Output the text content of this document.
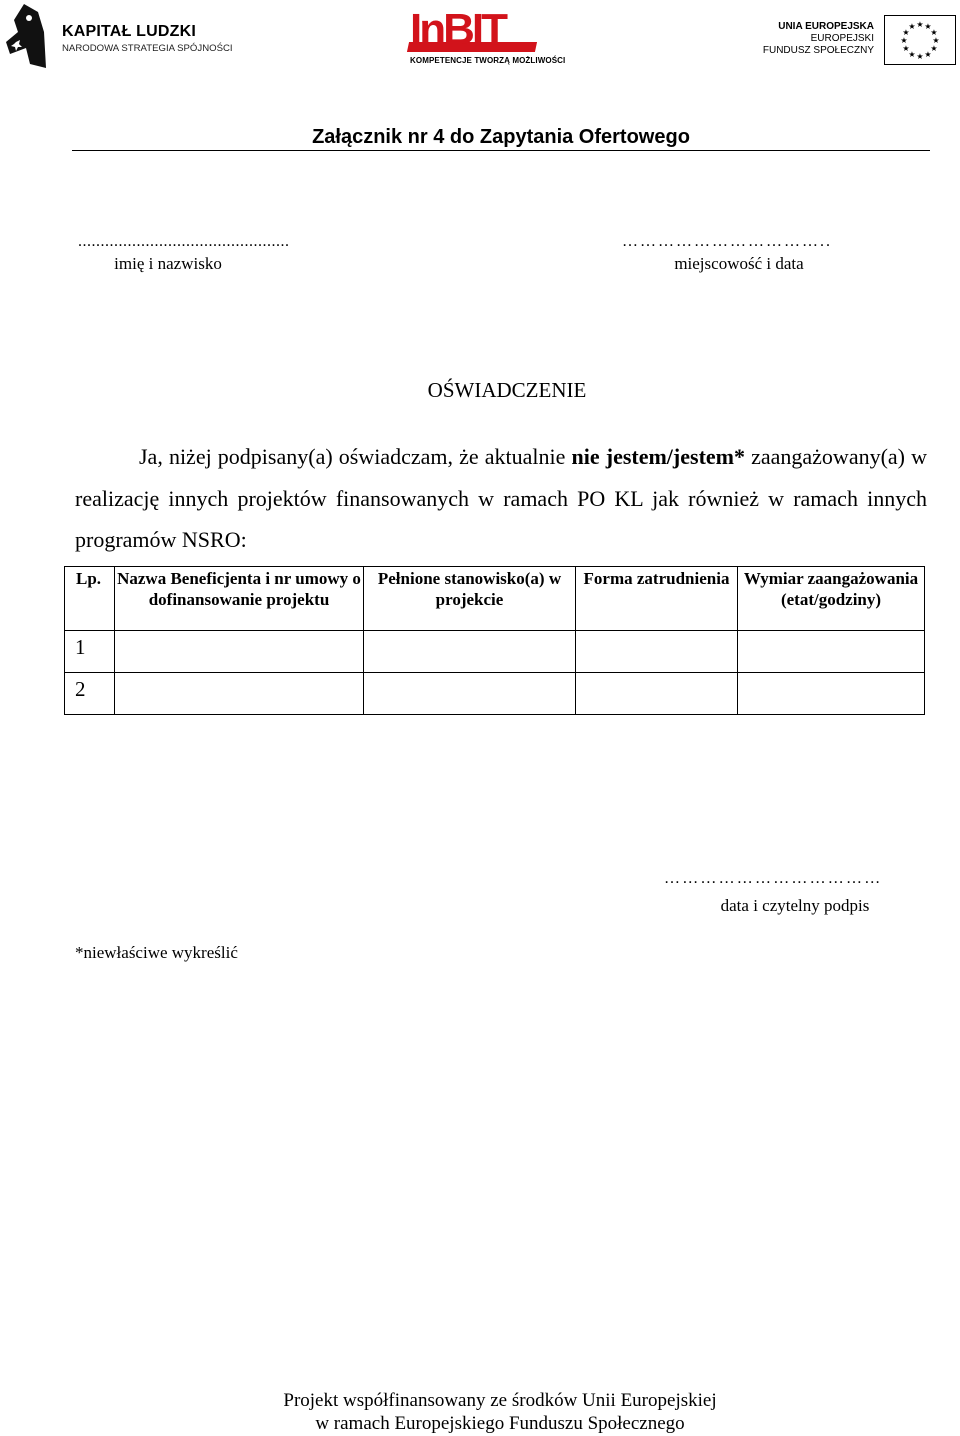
KAPITAŁ LUDZKI
NARODOWA STRATEGIA SPÓJNOŚCI	InBIT
KOMPETENCJE TWORZĄ MOŻLIWOŚCI
UNIA EUROPEJSKA
EUROPEJSKI
FUNDUSZ SPOŁECZNY
★ ★
★
★
★
★
★
★
★
★
★
★
Załącznik nr 4 do Zapytania Ofertowego
...............................................
imię i nazwisko
……………………………..
miejscowość i data
OŚWIADCZENIE
Ja, niżej podpisany(a) oświadczam, że aktualnie nie jestem/jestem* zaangażowany(a) w realizację innych projektów finansowanych w ramach PO KL jak również w ramach innych programów NSRO:
Lp.	Nazwa Beneficjenta i nr umowy o dofinansowanie projektu	Pełnione stanowisko(a) w projekcie	Forma zatrudnienia	Wymiar zaangażowania (etat/godziny)
1				
2				
………………………………
data i czytelny podpis
*niewłaściwe wykreślić
Projekt współfinansowany ze środków Unii Europejskiej
w ramach Europejskiego Funduszu Społecznego
